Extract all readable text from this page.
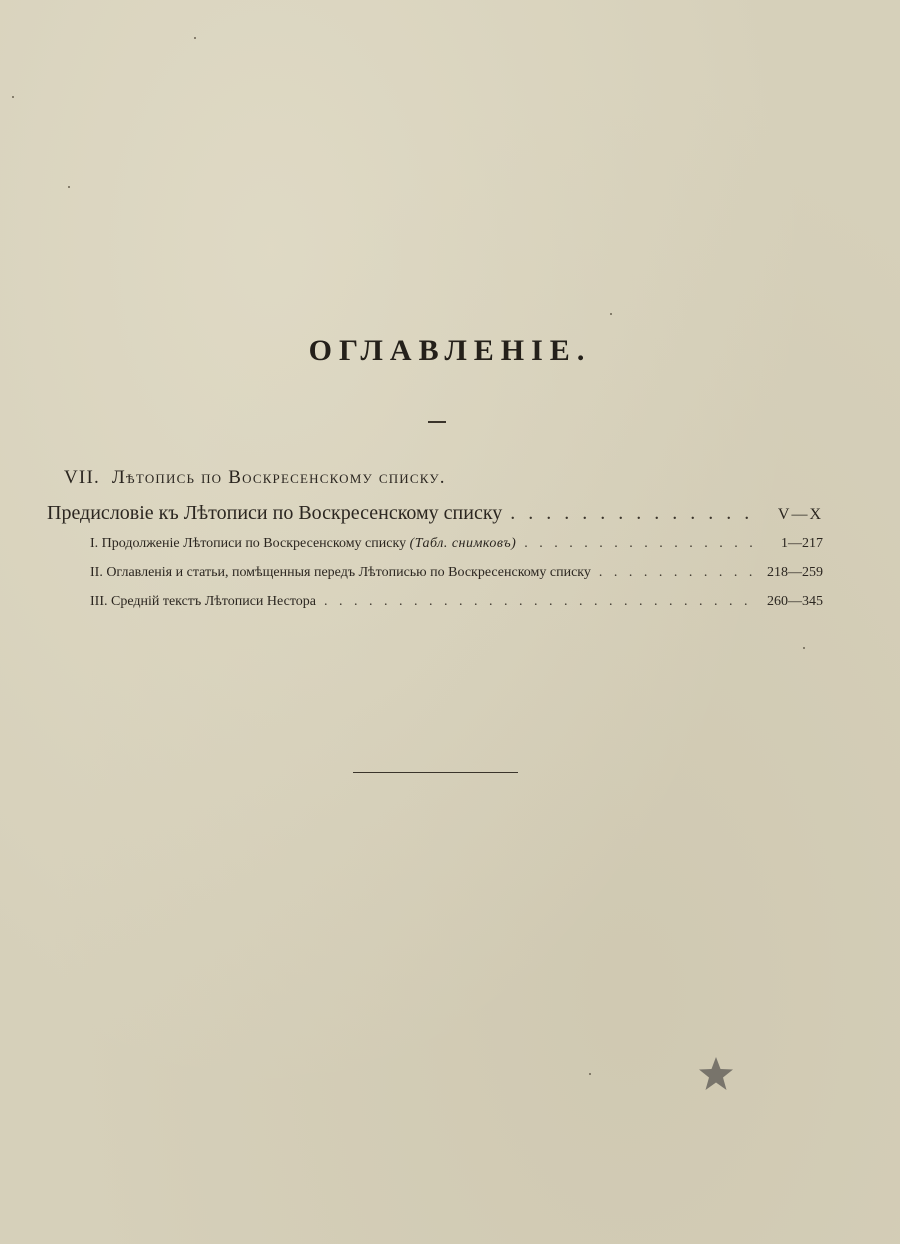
ОГЛАВЛЕНІЕ.
VII.
Лѣтопись по Воскресенскому списку.
Предисловіе къ Лѣтописи по Воскресенскому списку . . .	V—X
I. Продолженіе Лѣтописи по Воскресенскому списку (Табл. снимковъ) . . .	1—217
II. Оглавленія и статьи, помѣщенныя передъ Лѣтописью по Воскресенскому списку . . .	218—259
III. Средній текстъ Лѣтописи Нестора . . .	260—345
